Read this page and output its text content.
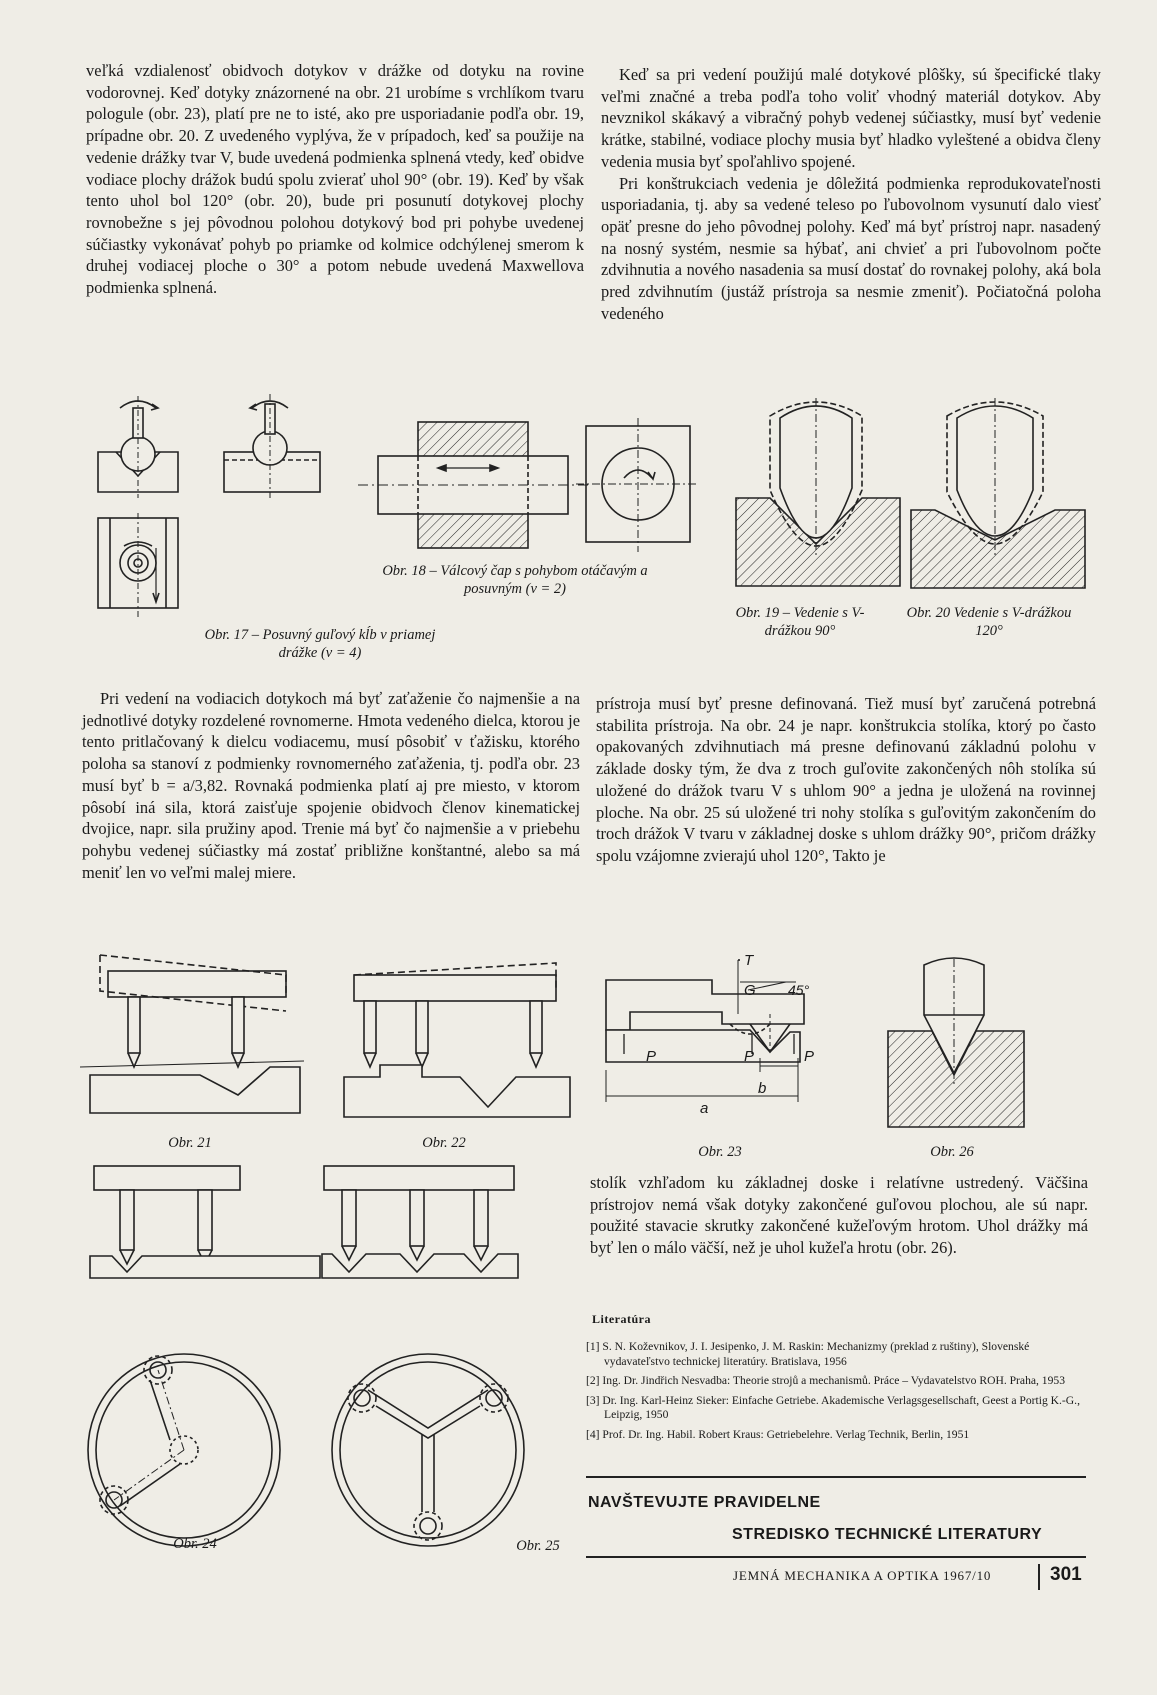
veľká vzdialenosť obidvoch dotykov v drážke od dotyku na rovine vodorovnej. Keď dotyky znázornené na obr. 21 urobíme s vrchlíkom tvaru pologule (obr. 23), platí pre ne to isté, ako pre usporiadanie podľa obr. 19, prípadne obr. 20. Z uvedeného vyplýva, že v prípadoch, keď sa použije na vedenie drážky tvar V, bude uvedená podmienka splnená vtedy, keď obidve vodiace plochy drážok budú spolu zvierať uhol 90° (obr. 19). Keď by však tento uhol bol 120° (obr. 20), bude pri posunutí dotykovej plochy rovnobežne s jej pôvodnou polohou dotykový bod pri pohybe uvedenej súčiastky vykonávať pohyb po priamke od kolmice odchýlenej smerom k druhej vodiacej ploche o 30° a potom nebude uvedená Maxwellova podmienka splnená.

Keď sa pri vedení použijú malé dotykové plôšky, sú špecifické tlaky veľmi značné a treba podľa toho voliť vhodný materiál dotykov. Aby nevznikol skákavý a vibračný pohyb vedenej súčiastky, musí byť vedenie krátke, stabilné, vodiace plochy musia byť hladko vyleštené a obidva členy vedenia musia byť spoľahlivo spojené.

Pri konštrukciach vedenia je dôležitá podmienka reprodukovateľnosti usporiadania, tj. aby sa vedené teleso po ľubovolnom vysunutí dalo viesť opäť presne do jeho pôvodnej polohy. Keď má byť prístroj napr. nasadený na nosný systém, nesmie sa hýbať, ani chvieť a pri ľubovolnom počte zdvihnutia a nového nasadenia sa musí dostať do rovnakej polohy, aká bola pred zdvihnutím (justáž prístroja sa nesmie zmeniť). Počiatočná poloha vedeného

Pri vedení na vodiacich dotykoch má byť zaťaženie čo najmenšie a na jednotlivé dotyky rozdelené rovnomerne. Hmota vedeného dielca, ktorou je tento pritlačovaný k dielcu vodiacemu, musí pôsobiť v ťažisku, ktorého poloha sa stanoví z podmienky rovnomerného zaťaženia, tj. podľa obr. 23 musí byť b = a/3,82. Rovnaká podmienka platí aj pre miesto, v ktorom pôsobí iná sila, ktorá zaisťuje spojenie obidvoch členov kinematickej dvojice, napr. sila pružiny apod. Trenie má byť čo najmenšie a v priebehu pohybu vedenej súčiastky má zostať približne konštantné, alebo sa má meniť len vo veľmi malej miere.

prístroja musí byť presne definovaná. Tiež musí byť zaručená potrebná stabilita prístroja. Na obr. 24 je napr. konštrukcia stolíka, ktorý po často opakovaných zdvihnutiach má presne definovanú základnú polohu v základe dosky tým, že dva z troch guľovite zakončených nôh stolíka sú uložené do drážok tvaru V s uhlom 90° a jedna je uložená na rovinnej ploche. Na obr. 25 sú uložené tri nohy stolíka s guľovitým zakončením do troch drážok V tvaru v základnej doske s uhlom drážky 90°, pričom drážky spolu vzájomne zvierajú uhol 120°, Takto je

stolík vzhľadom ku základnej doske i relatívne ustredený. Väčšina prístrojov nemá však dotyky zakončené guľovou plochou, ale sú napr. použité stavacie skrutky zakončené kužeľovým hrotom. Uhol drážky má byť len o málo väčší, než je uhol kužeľa hrotu (obr. 26).

Obr. 18 – Válcový čap s pohybom otáčavým a posuvným (v = 2)
Obr. 17 – Posuvný guľový kĺb v priamej drážke (v = 4)
Obr. 19 – Vedenie s V-drážkou 90°
Obr. 20 Vedenie s V-drážkou 120°
Obr. 21	Obr. 22
T
G 45°
P	P	P
b
a
Obr. 23	Obr. 26
Obr. 24	Obr. 25
Literatúra
[1] S. N. Koževnikov, J. I. Jesipenko, J. M. Raskin: Mechanizmy (preklad z ruštiny), Slovenské vydavateľstvo technickej literatúry. Bratislava, 1956
[2] Ing. Dr. Jindřich Nesvadba: Theorie strojů a mechanismů. Práce – Vydavatelstvo ROH. Praha, 1953
[3] Dr. Ing. Karl-Heinz Sieker: Einfache Getriebe. Akademische Verlagsgesellschaft, Geest a Portig K.-G., Leipzig, 1950
[4] Prof. Dr. Ing. Habil. Robert Kraus: Getriebelehre. Verlag Technik, Berlin, 1951
NAVŠTEVUJTE PRAVIDELNE
STREDISKO TECHNICKÉ LITERATURY
JEMNÁ MECHANIKA A OPTIKA 1967/10	301
